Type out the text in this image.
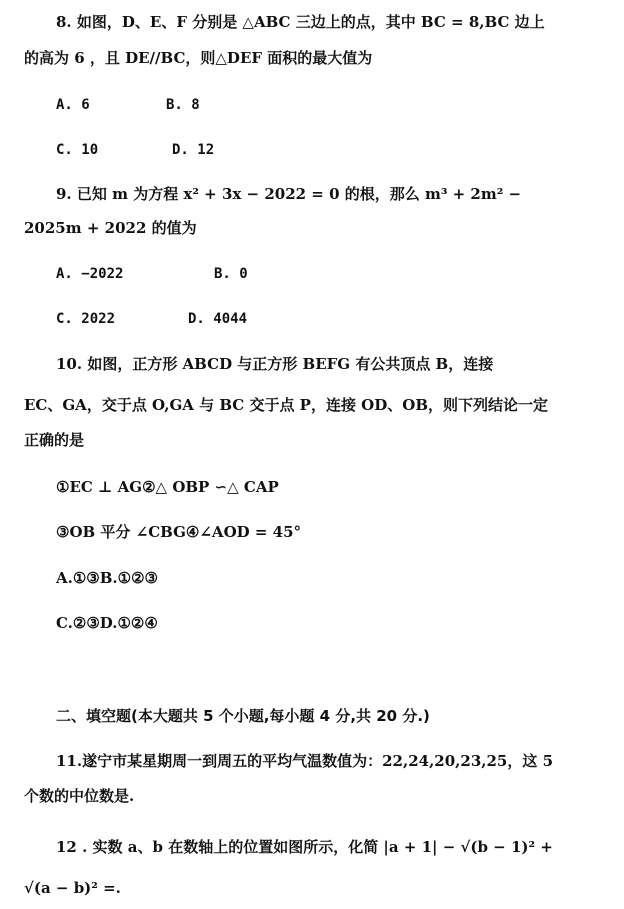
8. 如图，D、E、F 分别是 △ABC 三边上的点，其中 BC = 8,BC 边上
的高为 6 ，且 DE//BC，则△DEF 面积的最大值为
A. 6	B. 8
C. 10	D. 12
9. 已知 m 为方程 x² + 3x − 2022 = 0 的根，那么 m³ + 2m² −
2025m + 2022 的值为
A. −2022	B. 0
C. 2022	D. 4044
10. 如图，正方形 ABCD 与正方形 BEFG 有公共顶点 B，连接
EC、GA，交于点 O,GA 与 BC 交于点 P，连接 OD、OB，则下列结论一定
正确的是
①EC ⊥ AG②△ OBP ∽△ CAP
③OB 平分 ∠CBG④∠AOD = 45°
A.①③B.①②③
C.②③D.①②④
二、填空题(本大题共 5 个小题,每小题 4 分,共 20 分.)
11.遂宁市某星期周一到周五的平均气温数值为：22,24,20,23,25，这 5
个数的中位数是.
12 . 实数 a、b 在数轴上的位置如图所示，化简 |a + 1| − √(b − 1)² +
√(a − b)² =.
